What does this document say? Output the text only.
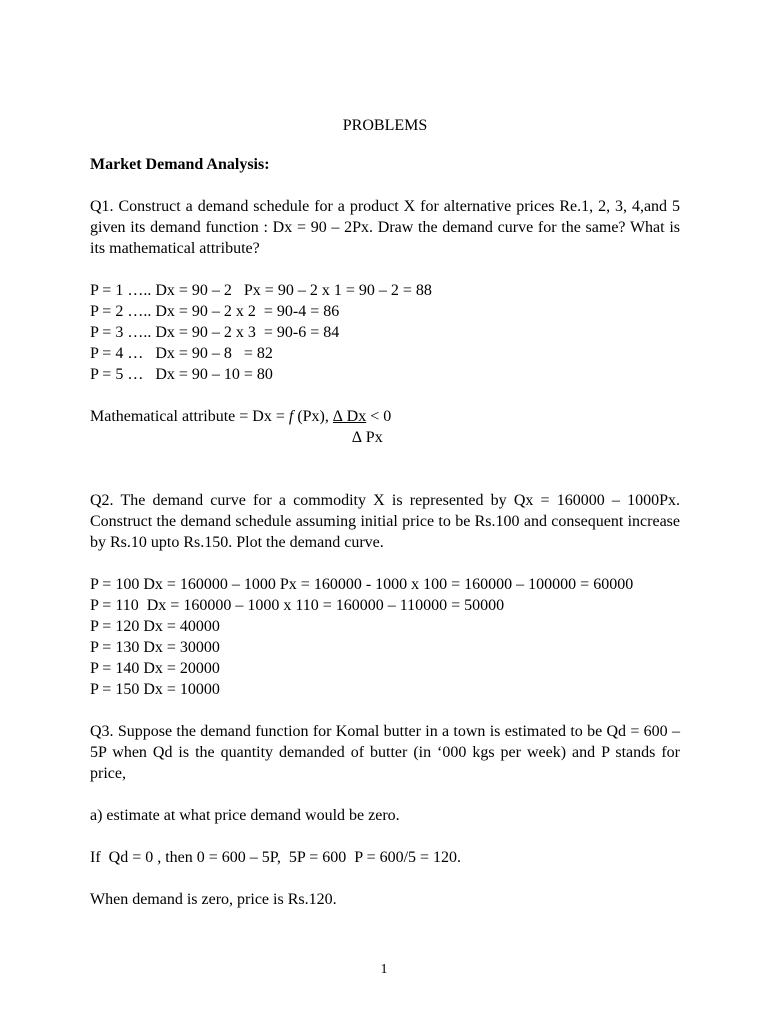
PROBLEMS
Market Demand Analysis:

Q1. Construct a demand schedule for a product X for alternative prices Re.1, 2, 3, 4,and 5 given its demand function : Dx = 90 – 2Px. Draw the demand curve for the same? What is its mathematical attribute?

P = 1 ….. Dx = 90 – 2   Px = 90 – 2 x 1 = 90 – 2 = 88
P = 2 ….. Dx = 90 – 2 x 2  = 90-4 = 86
P = 3 ….. Dx = 90 – 2 x 3  = 90-6 = 84
P = 4 …   Dx = 90 – 8   = 82
P = 5 …   Dx = 90 – 10 = 80
Mathematical attribute = Dx = f (Px), ∆ Dx < 0
∆ Px

Q2. The demand curve for a commodity X is represented by Qx = 160000 – 1000Px. Construct the demand schedule assuming initial price to be Rs.100 and consequent increase by Rs.10 upto Rs.150. Plot the demand curve.

P = 100 Dx = 160000 – 1000 Px = 160000 - 1000 x 100 = 160000 – 100000 = 60000
P = 110  Dx = 160000 – 1000 x 110 = 160000 – 110000 = 50000
P = 120 Dx = 40000
P = 130 Dx = 30000
P = 140 Dx = 20000
P = 150 Dx = 10000

Q3. Suppose the demand function for Komal butter in a town is estimated to be Qd = 600 – 5P when Qd is the quantity demanded of butter (in ‘000 kgs per week) and P stands for price,

a) estimate at what price demand would be zero.

If  Qd = 0 , then 0 = 600 – 5P,  5P = 600  P = 600/5 = 120.

When demand is zero, price is Rs.120.

1
